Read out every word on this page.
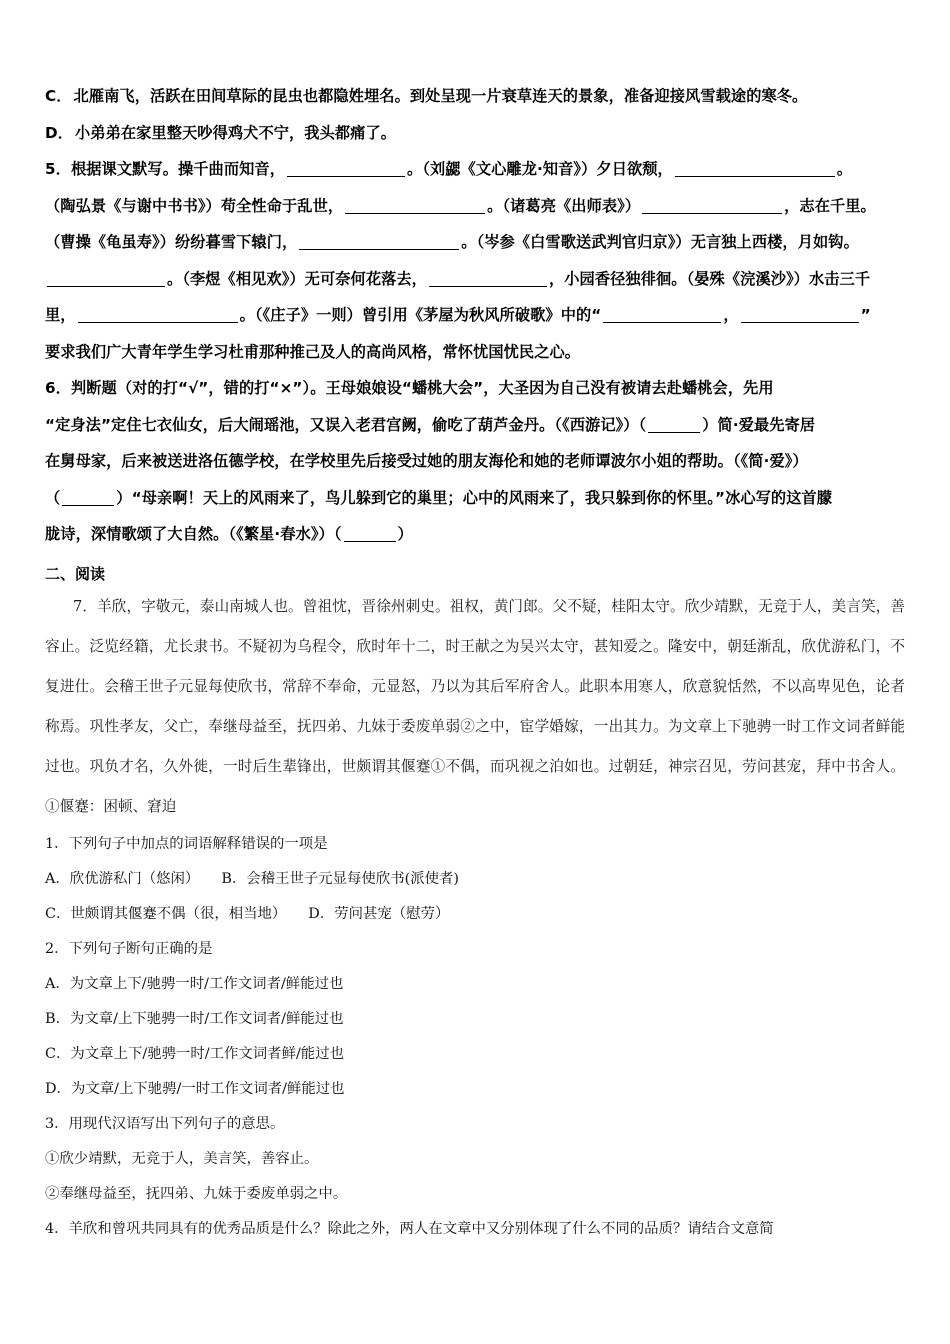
C． 北雁南飞，活跃在田间草际的昆虫也都隐姓埋名。到处呈现一片衰草连天的景象，准备迎接风雪载途的寒冬。

D． 小弟弟在家里整天吵得鸡犬不宁，我头都痛了。

5．根据课文默写。操千曲而知音，	。（刘勰《文心雕龙·知音》）夕日欲颓，	。

（陶弘景《与谢中书书》）苟全性命于乱世，	。（诸葛亮《出师表》）	，志在千里。

（曹操《龟虽寿》）纷纷暮雪下辕门，	。（岑参《白雪歌送武判官归京》）无言独上西楼，月如钩。

。（李煜《相见欢》）无可奈何花落去，	，小园香径独徘徊。（晏殊《浣溪沙》）水击三千

里，	。（《庄子》一则）曾引用《茅屋为秋风所破歌》中的“	，	”

要求我们广大青年学生学习杜甫那种推己及人的高尚风格，常怀忧国忧民之心。

6．判断题（对的打“√”，错的打“×”）。王母娘娘设“蟠桃大会”，大圣因为自己没有被请去赴蟠桃会，先用

“定身法”定住七衣仙女，后大闹瑶池，又误入老君宫阙，偷吃了葫芦金丹。（《西游记》）（	）简·爱最先寄居

在舅母家，后来被送进洛伍德学校，在学校里先后接受过她的朋友海伦和她的老师谭波尔小姐的帮助。（《简·爱》）

（	）“母亲啊！天上的风雨来了，鸟儿躲到它的巢里；心中的风雨来了，我只躲到你的怀里。”冰心写的这首朦

胧诗，深情歌颂了大自然。（《繁星·春水》）（	）

二、阅读

7．羊欣，字敬元，泰山南城人也。曾祖忱，晋徐州刺史。祖权，黄门郎。父不疑，桂阳太守。欣少靖默，无竞于人，美言笑，善容止。泛览经籍，尤长隶书。不疑初为乌程令，欣时年十二，时王献之为吴兴太守，甚知爱之。隆安中，朝廷渐乱，欣优游私门，不复进仕。会稽王世子元显每使欣书，常辞不奉命，元显怒，乃以为其后军府舍人。此职本用寒人，欣意貌恬然，不以高卑见色，论者称焉。巩性孝友，父亡，奉继母益至，抚四弟、九妹于委废单弱②之中，宦学婚嫁，一出其力。为文章上下驰骋一时工作文词者鲜能过也。巩负才名，久外徙，一时后生辈锋出，世颇谓其偃蹇①不偶，而巩视之泊如也。过朝廷，神宗召见，劳问甚宠，拜中书舍人。①偃蹇：困顿、窘迫

1．下列句子中加点的词语解释错误的一项是

A．欣优游私门（悠闲） B．会稽王世子元显每使欣书(派使者)

C．世颇谓其偃蹇不偶（很，相当地） D．劳问甚宠（慰劳）

2．下列句子断句正确的是

A．为文章上下/驰骋一时/工作文词者/鲜能过也

B．为文章/上下驰骋一时/工作文词者/鲜能过也

C．为文章上下/驰骋一时/工作文词者鲜/能过也

D．为文章/上下驰骋/一时工作文词者/鲜能过也

3．用现代汉语写出下列句子的意思。

①欣少靖默，无竞于人，美言笑，善容止。

②奉继母益至，抚四弟、九妹于委废单弱之中。

4．羊欣和曾巩共同具有的优秀品质是什么？除此之外，两人在文章中又分别体现了什么不同的品质？请结合文意简
